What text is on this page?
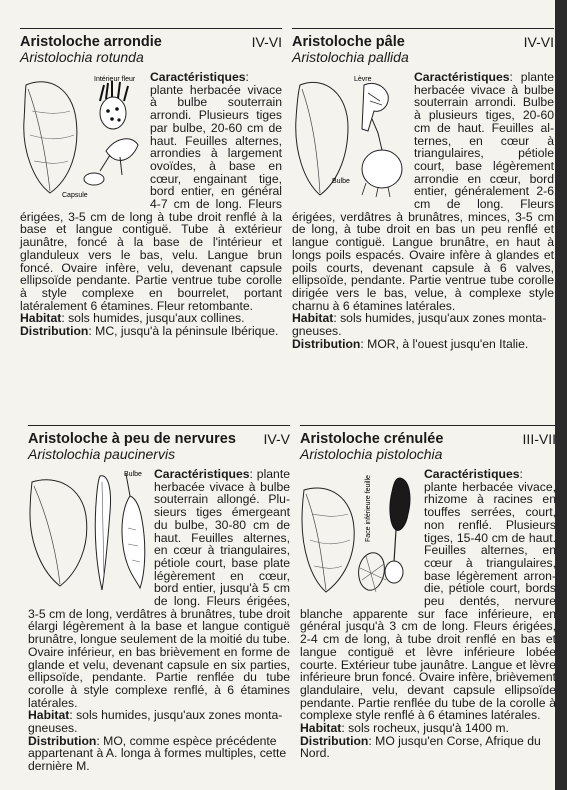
Aristoloche arrondie
Aristolochia rotunda
IV-VI
Intérieur fleur
Capsule
Caractéristiques: plante herbacée vivace à bulbe souterrain arrondi. Plusieurs tiges par bulbe, 20-60 cm de haut. Feuilles alternes, arrondies à largement ovoïdes, à base en cœur, engainant tige, bord entier, en général 4-7 cm de long. Fleurs érigées, 3-5 cm de long à tube droit renflé à la base et langue contiguë. Tube à extérieur jaunâtre, foncé à la base de l'intérieur et glanduleux vers le bas, velu. Langue brun foncé. Ovaire infère, velu, devenant capsule ellipsoïde pendante. Partie ventrue tube corolle à style complexe en bourrelet, portant latéralement 6 étamines. Fleur retombante.
Habitat: sols humides, jusqu'aux collines.
Distribution: MC, jusqu'à la péninsule Ibérique.
Aristoloche pâle
Aristolochia pallida
IV-VI
Lèvre
Bulbe
Caractéristiques: plante herbacée vivace à bulbe souterrain arrondi. Bulbe à plusieurs tiges, 20-60 cm de haut. Feuilles alternes, en cœur à triangulaires, pétiole court, base légèrement arrondie en cœur, bord entier, généralement 2-6 cm de long. Fleurs érigées, verdâtres à brunâtres, minces, 3-5 cm de long, à tube droit en bas un peu renflé et langue contiguë. Langue brunâtre, en haut à longs poils espacés. Ovaire infère à glandes et poils courts, devenant capsule à 6 valves, ellipsoïde, pendante. Partie ventrue tube corolle dirigée vers le bas, velue, à complexe style charnu à 6 étamines latérales.
Habitat: sols humides, jusqu'aux zones montagneuses.
Distribution: MOR, à l'ouest jusqu'en Italie.
Aristoloche à peu de nervures
Aristolochia paucinervis
IV-V
Bulbe Caractéristiques: plante herbacée vivace à bulbe souterrain allongé. Plusieurs tiges émergeant du bulbe, 30-80 cm de haut. Feuilles alternes, en cœur à triangulaires, pétiole court, base plate légèrement en cœur, bord entier, jusqu'à 5 cm de long. Fleurs érigées, 3-5 cm de long, verdâtres à brunâtres, tube droit élargi légèrement à la base et langue contiguë brunâtre, longue seulement de la moitié du tube. Ovaire inférieur, en bas brièvement en forme de glande et velu, devenant capsule en six parties, ellipsoïde, pendante. Partie renflée du tube corolle à style complexe renflé, à 6 étamines latérales.
Habitat: sols humides, jusqu'aux zones montagneuses.
Distribution: MO, comme espèce précédente appartenant à A. longa à formes multiples, cette dernière M.
Aristoloche crénulée
Aristolochia pistolochia
III-VII
Face inférieure feuille
Caractéristiques: plante herbacée vivace, rhizome à racines en touffes serrées, court, non renflé. Plusieurs tiges, 15-40 cm de haut. Feuilles alternes, en cœur à triangulaires, base légèrement arrondie, pétiole court, bords peu dentés, nervure blanche apparente sur face inférieure, en général jusqu'à 3 cm de long. Fleurs érigées, 2-4 cm de long, à tube droit renflé en bas et langue contiguë et lèvre inférieure lobée courte. Extérieur tube jaunâtre. Langue et lèvre inférieure brun foncé. Ovaire infère, brièvement glandulaire, velu, devant capsule ellipsoïde pendante. Partie renflée du tube de la corolle à complexe style renflé à 6 étamines latérales.
Habitat: sols rocheux, jusqu'à 1400 m.
Distribution: MO jusqu'en Corse, Afrique du Nord.
